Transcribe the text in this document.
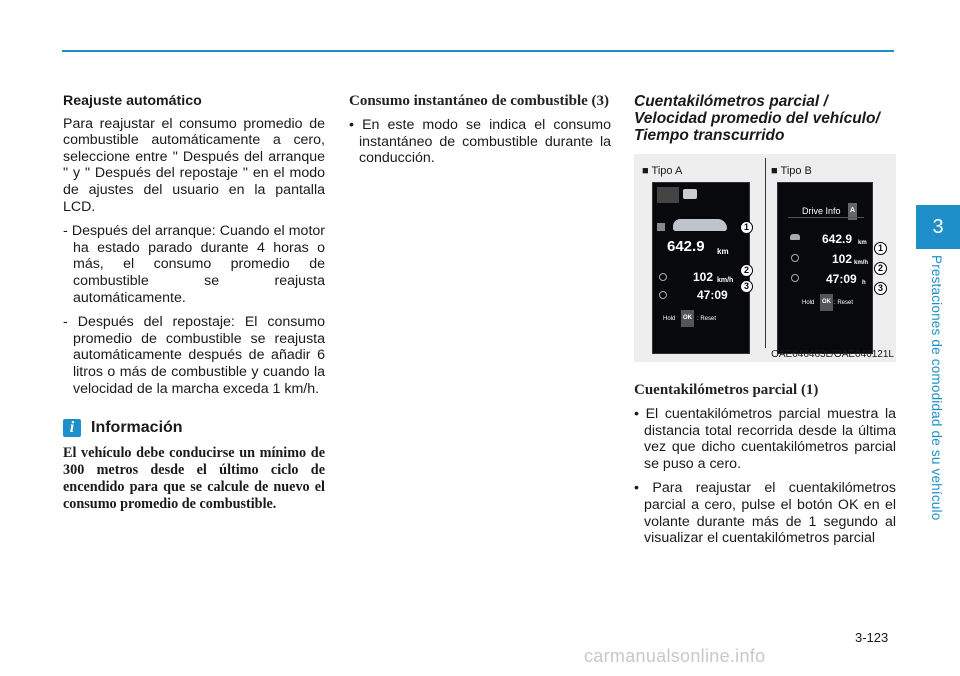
Reajuste automático

Para reajustar el consumo promedio de combustible automáticamente a cero, seleccione entre " Después del arranque " y " Después del repostaje " en el modo de ajustes del usuario en la pantalla LCD.

- Después del arranque: Cuando el motor ha estado parado durante 4 horas o más, el consumo promedio de combustible se reajusta automáticamente.
- Después del repostaje: El consumo promedio de combustible se reajusta automáticamente después de añadir 6 litros o más de combustible y cuando la velocidad de la marcha exceda 1 km/h.
i	Información
El vehículo debe conducirse un mínimo de 300 metros desde el último ciclo de encendido para que se calcule de nuevo el consumo promedio de combustible.
Consumo instantáneo de combustible (3)
• En este modo se indica el consumo instantáneo de combustible durante la conducción.
Cuentakilómetros parcial / Velocidad promedio del vehículo/ Tiempo transcurrido
■ Tipo A	■ Tipo B
642.9 km
102 km/h
47:09
Hold	OK : Reset
1
2
3
Drive Info A
642.9 km
102 km/h
47:09 h
Hold	OK : Reset
1
2
3
OAE046463L/OAE046121L
Cuentakilómetros parcial (1)
• El cuentakilómetros parcial muestra la distancia total recorrida desde la última vez que dicho cuentakilómetros parcial se puso a cero.
• Para reajustar el cuentakilómetros parcial a cero, pulse el botón OK en el volante durante más de 1 segundo al visualizar el cuentakilómetros parcial
3
Prestaciones de comodidad de su vehículo
3-123
carmanualsonline.info
